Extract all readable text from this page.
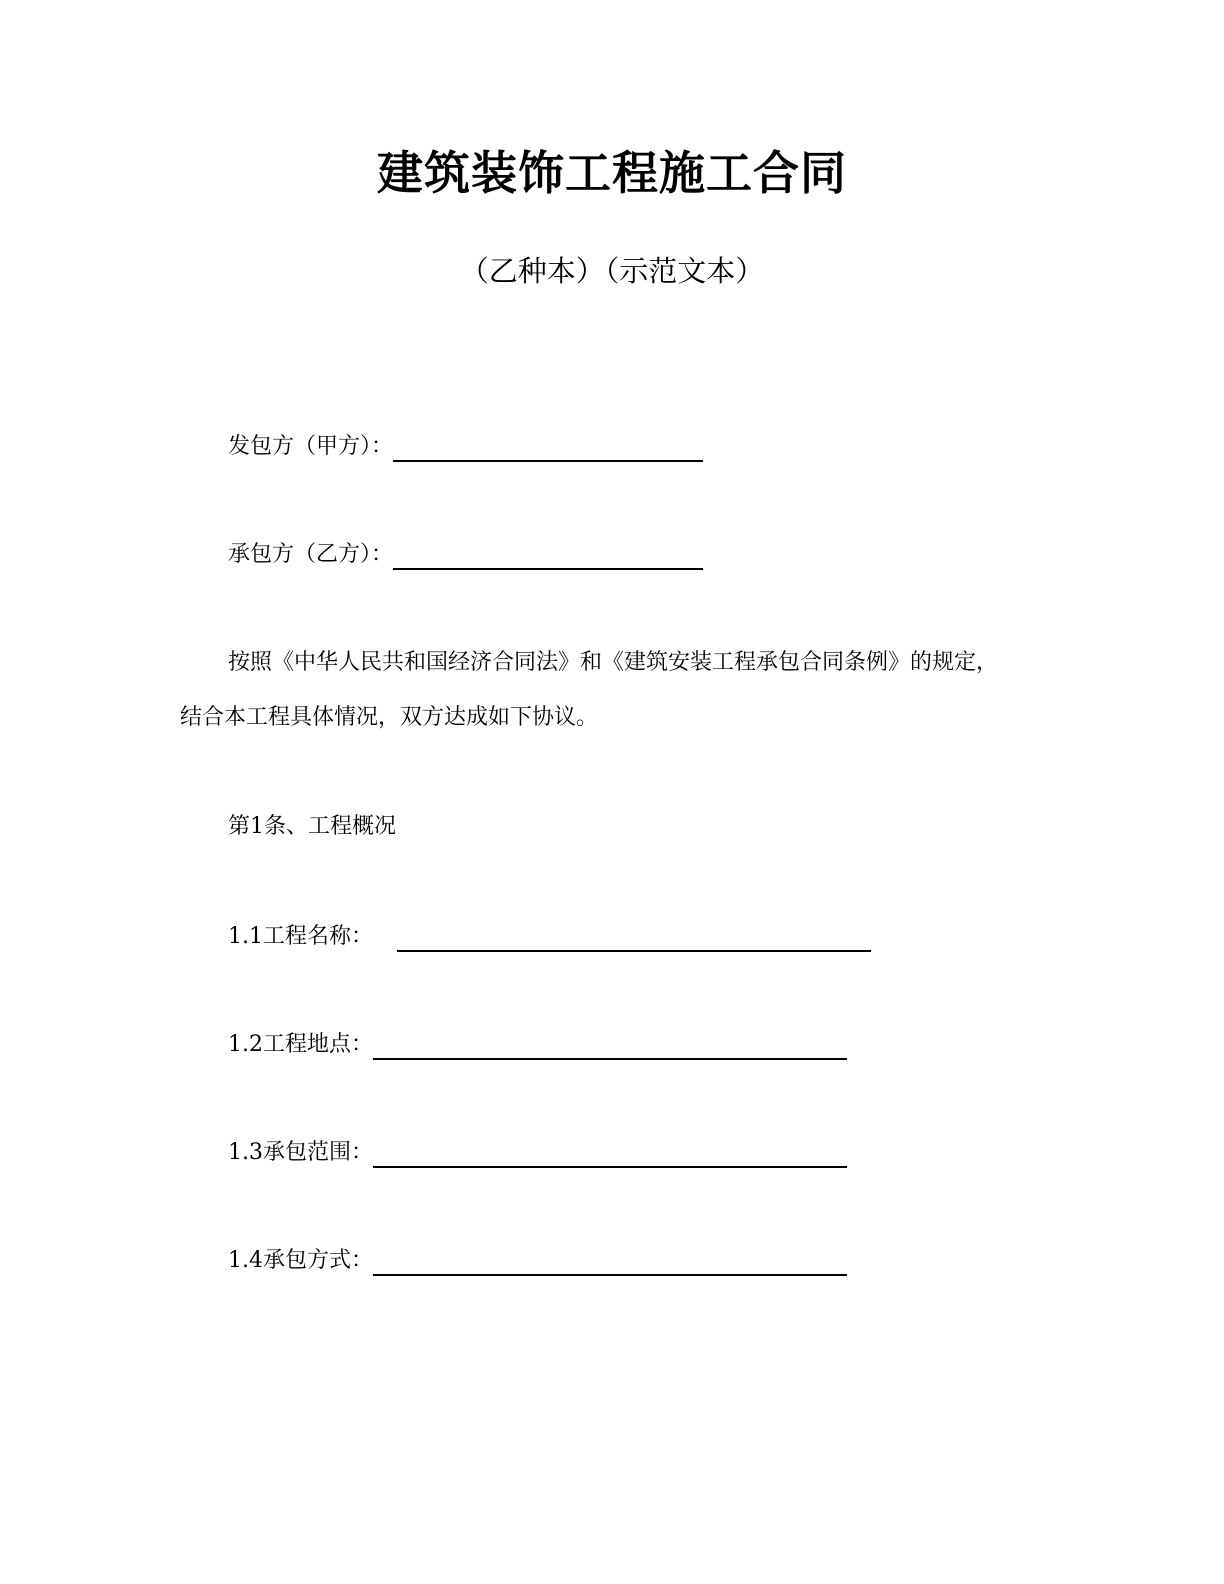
建筑装饰工程施工合同
（乙种本）（示范文本）
发包方（甲方）：
承包方（乙方）：
按照《中华人民共和国经济合同法》和《建筑安装工程承包合同条例》的规定，
结合本工程具体情况，双方达成如下协议。
第1条、工程概况
1.1工程名称：
1.2工程地点：
1.3承包范围：
1.4承包方式：
